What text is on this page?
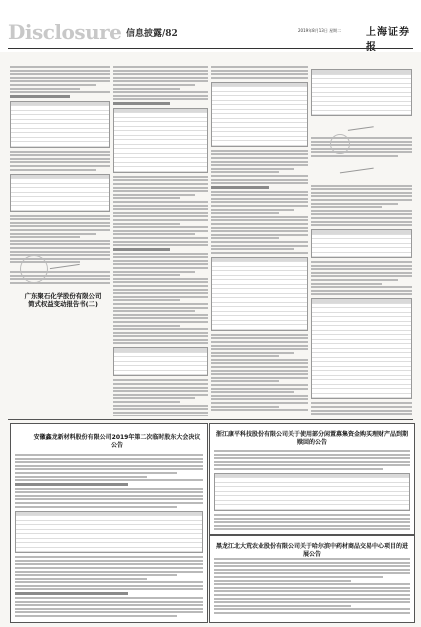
Disclosure 信息披露/82	2019年8月13日 星期二 上海证券
广东聚石化学股份有限公司
简式权益变动报告书(二)
安徽鑫龙新材料股份有限公司2019年第二次临时股东大会决议公告
浙江康平科技股份有限公司关于使用部分闲置募集资金购买理财产品到期赎回的公告
黑龙江北大荒农业股份有限公司关于哈尔滨中药材商品交易中心项目的进展公告
